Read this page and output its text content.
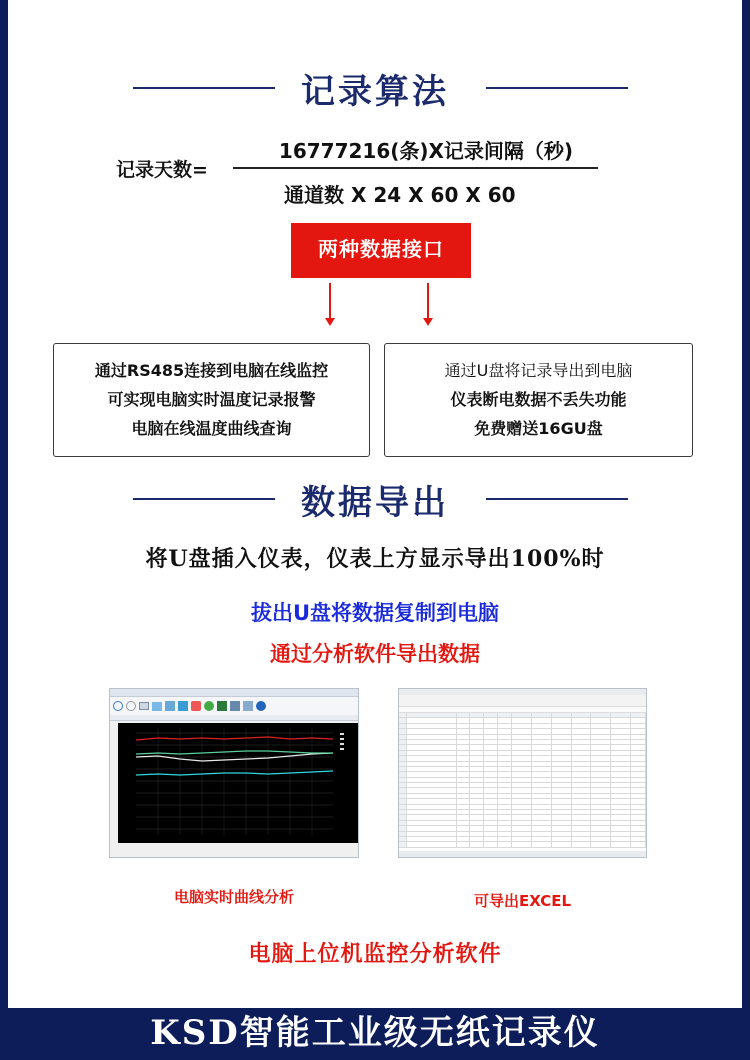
记录算法
记录天数=
16777216(条)X记录间隔（秒)
通道数 X 24 X 60 X 60
两种数据接口
通过RS485连接到电脑在线监控
可实现电脑实时温度记录报警
电脑在线温度曲线查询
通过U盘将记录导出到电脑
仪表断电数据不丢失功能
免费赠送16GU盘
数据导出
将U盘插入仪表，仪表上方显示导出100%时
拔出U盘将数据复制到电脑
通过分析软件导出数据
电脑实时曲线分析	可导出EXCEL
电脑上位机监控分析软件
KSD智能工业级无纸记录仪
